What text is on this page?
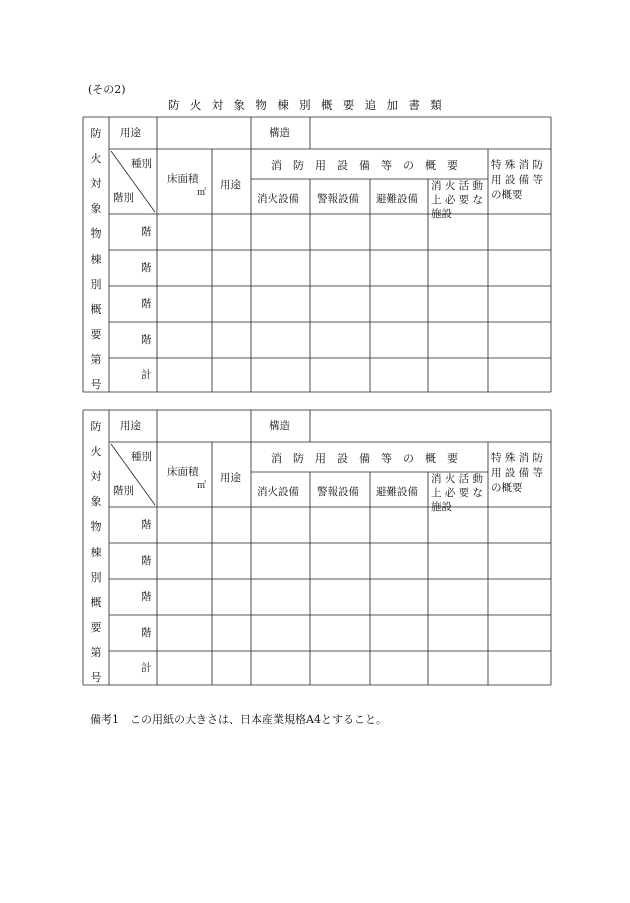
(その2)
防火対象物棟別概要追加書類
防
火
対
象
物
棟
別
概
要
第
号
用途	構造
種別
階別
床面積
㎡
用途
消　防　用　設　備　等　の　概　要
消火設備 警報設備 避難設備
消 火 活 動
上 必 要 な
施設
特 殊 消 防
用 設 備 等
の概要
階
階
階
階
計
防
火
対
象
物
棟
別
概
要
第
号
用途	構造
種別
階別
床面積
㎡
用途
消　防　用　設　備　等　の　概　要
消火設備 警報設備 避難設備
消 火 活 動
上 必 要 な
施設
特 殊 消 防
用 設 備 等
の概要
階
階
階
階
計
備考1　この用紙の大きさは、日本産業規格A4とすること。
